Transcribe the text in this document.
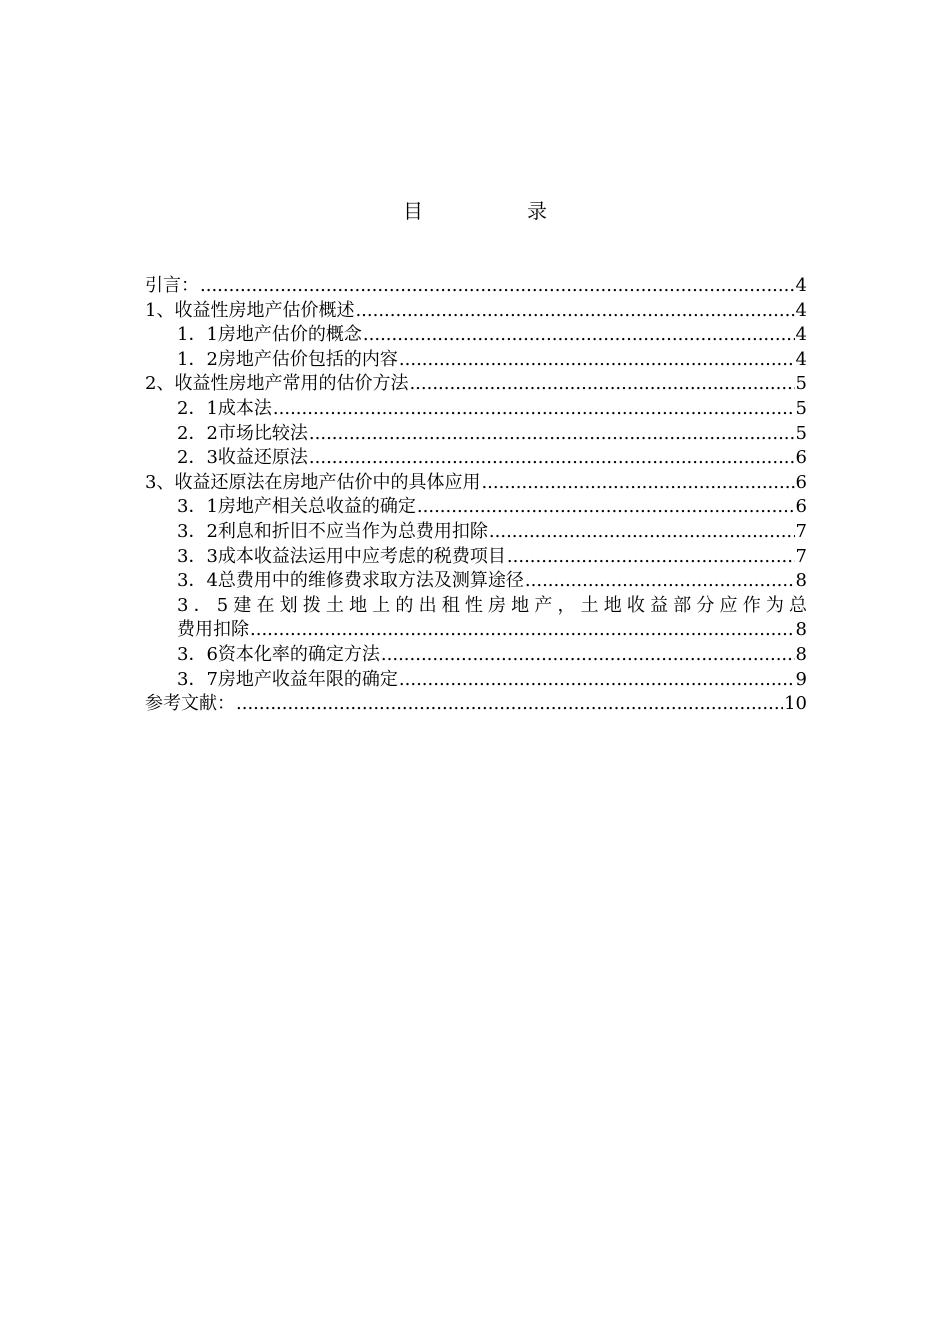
目	录
引言： .....	4
1、收益性房地产估价概述 .....	4
1．1房地产估价的概念 .....	4
1．2房地产估价包括的内容 .....	4
2、收益性房地产常用的估价方法 .....	5
2．1成本法 .....	5
2．2市场比较法 .....	5
2．3收益还原法 .....	6
3、收益还原法在房地产估价中的具体应用 .....	6
3．1房地产相关总收益的确定 .....	6
3．2利息和折旧不应当作为总费用扣除 .....	7
3．3成本收益法运用中应考虑的税费项目 .....	7
3．4总费用中的维修费求取方法及测算途径 .....	8
3．5建在划拨土地上的出租性房地产，土地收益部分应作为总
费用扣除 .....	8
3．6资本化率的确定方法 .....	8
3．7房地产收益年限的确定 .....	9
参考文献： .....	10
